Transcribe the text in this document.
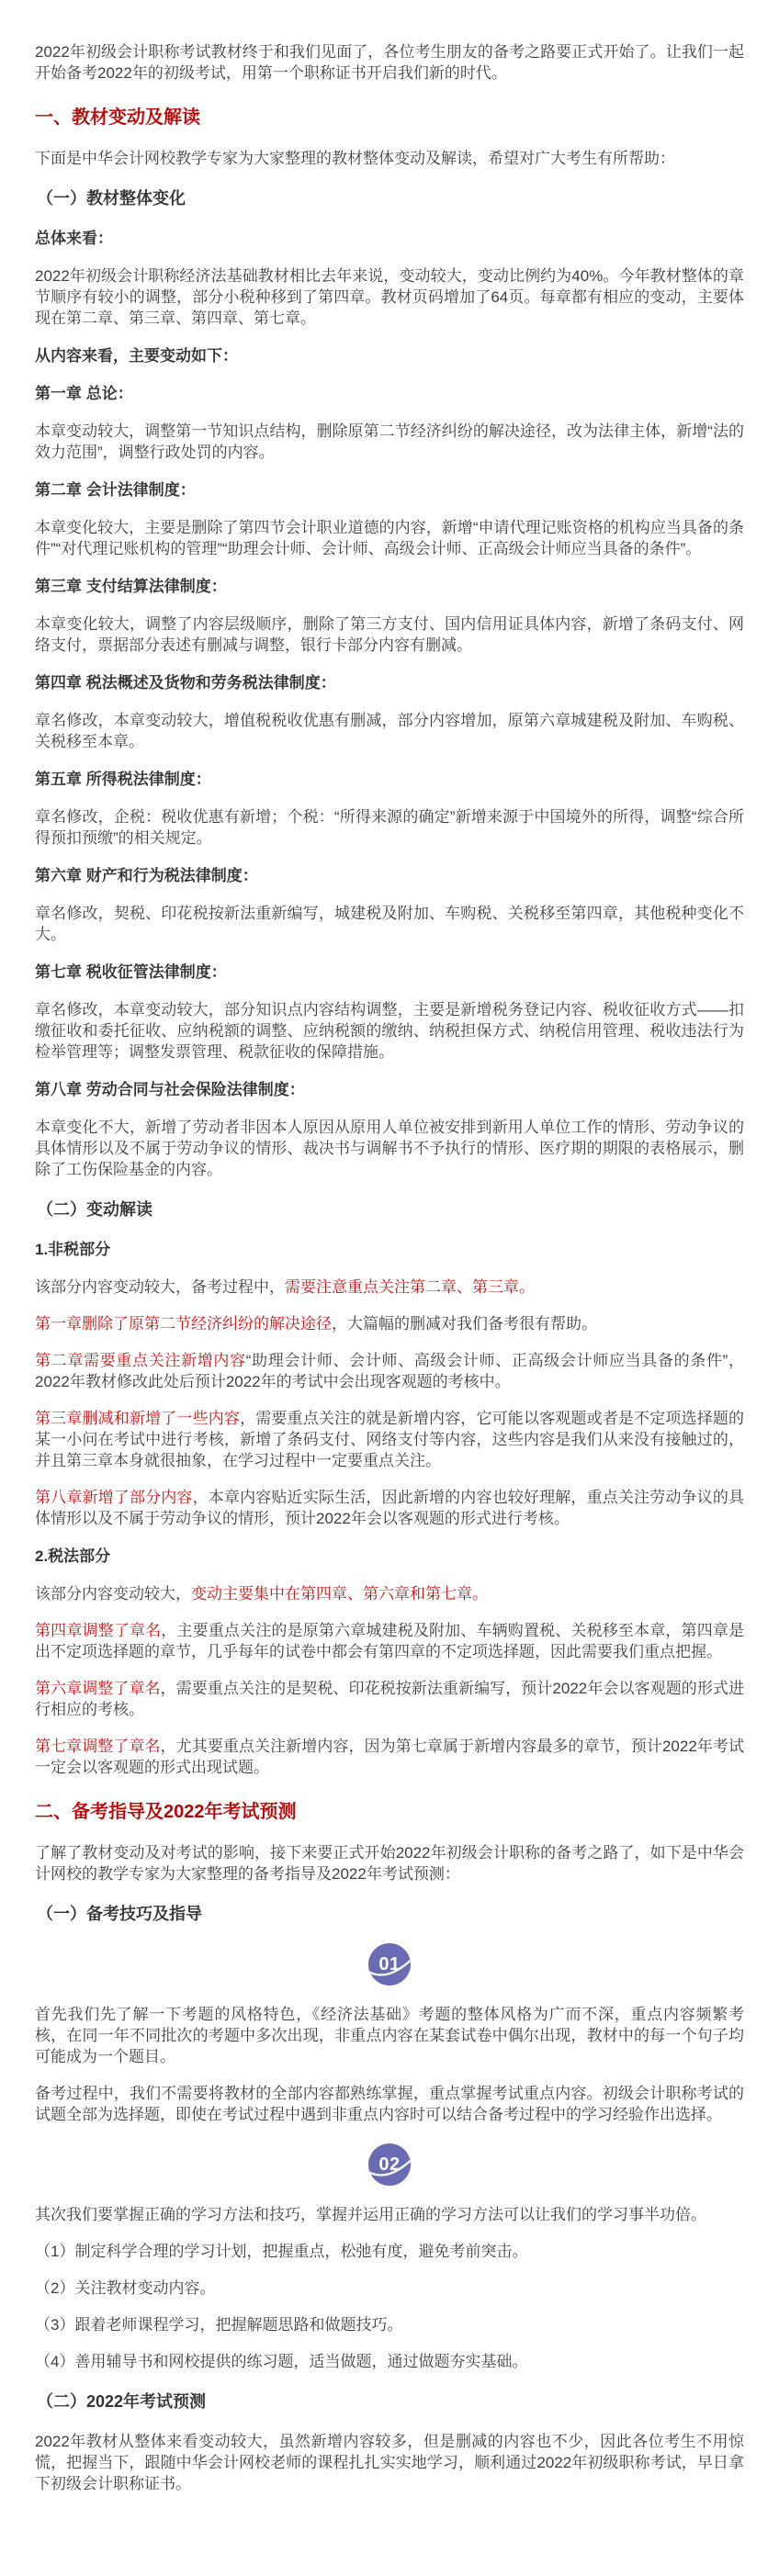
2022年初级会计职称考试教材终于和我们见面了，各位考生朋友的备考之路要正式开始了。让我们一起开始备考2022年的初级考试，用第一个职称证书开启我们新的时代。

一、教材变动及解读

下面是中华会计网校教学专家为大家整理的教材整体变动及解读，希望对广大考生有所帮助：

（一）教材整体变化
总体来看：

2022年初级会计职称经济法基础教材相比去年来说，变动较大，变动比例约为40%。今年教材整体的章节顺序有较小的调整，部分小税种移到了第四章。教材页码增加了64页。每章都有相应的变动，主要体现在第二章、第三章、第四章、第七章。

从内容来看，主要变动如下：
第一章 总论：

本章变动较大，调整第一节知识点结构，删除原第二节经济纠纷的解决途径，改为法律主体，新增“法的效力范围”，调整行政处罚的内容。

第二章 会计法律制度：

本章变化较大，主要是删除了第四节会计职业道德的内容，新增“申请代理记账资格的机构应当具备的条件”“对代理记账机构的管理”“助理会计师、会计师、高级会计师、正高级会计师应当具备的条件”。

第三章 支付结算法律制度：

本章变化较大，调整了内容层级顺序，删除了第三方支付、国内信用证具体内容，新增了条码支付、网络支付，票据部分表述有删减与调整，银行卡部分内容有删减。

第四章 税法概述及货物和劳务税法律制度：

章名修改，本章变动较大，增值税税收优惠有删减，部分内容增加，原第六章城建税及附加、车购税、关税移至本章。

第五章 所得税法律制度：

章名修改，企税：税收优惠有新增；个税：“所得来源的确定”新增来源于中国境外的所得，调整“综合所得预扣预缴”的相关规定。

第六章 财产和行为税法律制度：

章名修改，契税、印花税按新法重新编写，城建税及附加、车购税、关税移至第四章，其他税种变化不大。

第七章 税收征管法律制度：

章名修改，本章变动较大，部分知识点内容结构调整，主要是新增税务登记内容、税收征收方式——扣缴征收和委托征收、应纳税额的调整、应纳税额的缴纳、纳税担保方式、纳税信用管理、税收违法行为检举管理等；调整发票管理、税款征收的保障措施。

第八章 劳动合同与社会保险法律制度：

本章变化不大，新增了劳动者非因本人原因从原用人单位被安排到新用人单位工作的情形、劳动争议的具体情形以及不属于劳动争议的情形、裁决书与调解书不予执行的情形、医疗期的期限的表格展示，删除了工伤保险基金的内容。

（二）变动解读
1.非税部分

该部分内容变动较大，备考过程中，需要注意重点关注第二章、第三章。

第一章删除了原第二节经济纠纷的解决途径，大篇幅的删减对我们备考很有帮助。

第二章需要重点关注新增内容“助理会计师、会计师、高级会计师、正高级会计师应当具备的条件”，2022年教材修改此处后预计2022年的考试中会出现客观题的考核中。

第三章删减和新增了一些内容，需要重点关注的就是新增内容，它可能以客观题或者是不定项选择题的某一小问在考试中进行考核，新增了条码支付、网络支付等内容，这些内容是我们从来没有接触过的，并且第三章本身就很抽象，在学习过程中一定要重点关注。

第八章新增了部分内容，本章内容贴近实际生活，因此新增的内容也较好理解，重点关注劳动争议的具体情形以及不属于劳动争议的情形，预计2022年会以客观题的形式进行考核。

2.税法部分

该部分内容变动较大，变动主要集中在第四章、第六章和第七章。

第四章调整了章名，主要重点关注的是原第六章城建税及附加、车辆购置税、关税移至本章，第四章是出不定项选择题的章节，几乎每年的试卷中都会有第四章的不定项选择题，因此需要我们重点把握。

第六章调整了章名，需要重点关注的是契税、印花税按新法重新编写，预计2022年会以客观题的形式进行相应的考核。

第七章调整了章名，尤其要重点关注新增内容，因为第七章属于新增内容最多的章节，预计2022年考试一定会以客观题的形式出现试题。

二、备考指导及2022年考试预测

了解了教材变动及对考试的影响，接下来要正式开始2022年初级会计职称的备考之路了，如下是中华会计网校的教学专家为大家整理的备考指导及2022年考试预测：

（一）备考技巧及指导
01

首先我们先了解一下考题的风格特色，《经济法基础》考题的整体风格为广而不深，重点内容频繁考核，在同一年不同批次的考题中多次出现，非重点内容在某套试卷中偶尔出现，教材中的每一个句子均可能成为一个题目。

备考过程中，我们不需要将教材的全部内容都熟练掌握，重点掌握考试重点内容。初级会计职称考试的试题全部为选择题，即使在考试过程中遇到非重点内容时可以结合备考过程中的学习经验作出选择。

02

其次我们要掌握正确的学习方法和技巧，掌握并运用正确的学习方法可以让我们的学习事半功倍。

（1）制定科学合理的学习计划，把握重点，松弛有度，避免考前突击。

（2）关注教材变动内容。

（3）跟着老师课程学习，把握解题思路和做题技巧。

（4）善用辅导书和网校提供的练习题，适当做题，通过做题夯实基础。

（二）2022年考试预测

2022年教材从整体来看变动较大，虽然新增内容较多，但是删减的内容也不少，因此各位考生不用惊慌，把握当下，跟随中华会计网校老师的课程扎扎实实地学习，顺利通过2022年初级职称考试，早日拿下初级会计职称证书。
